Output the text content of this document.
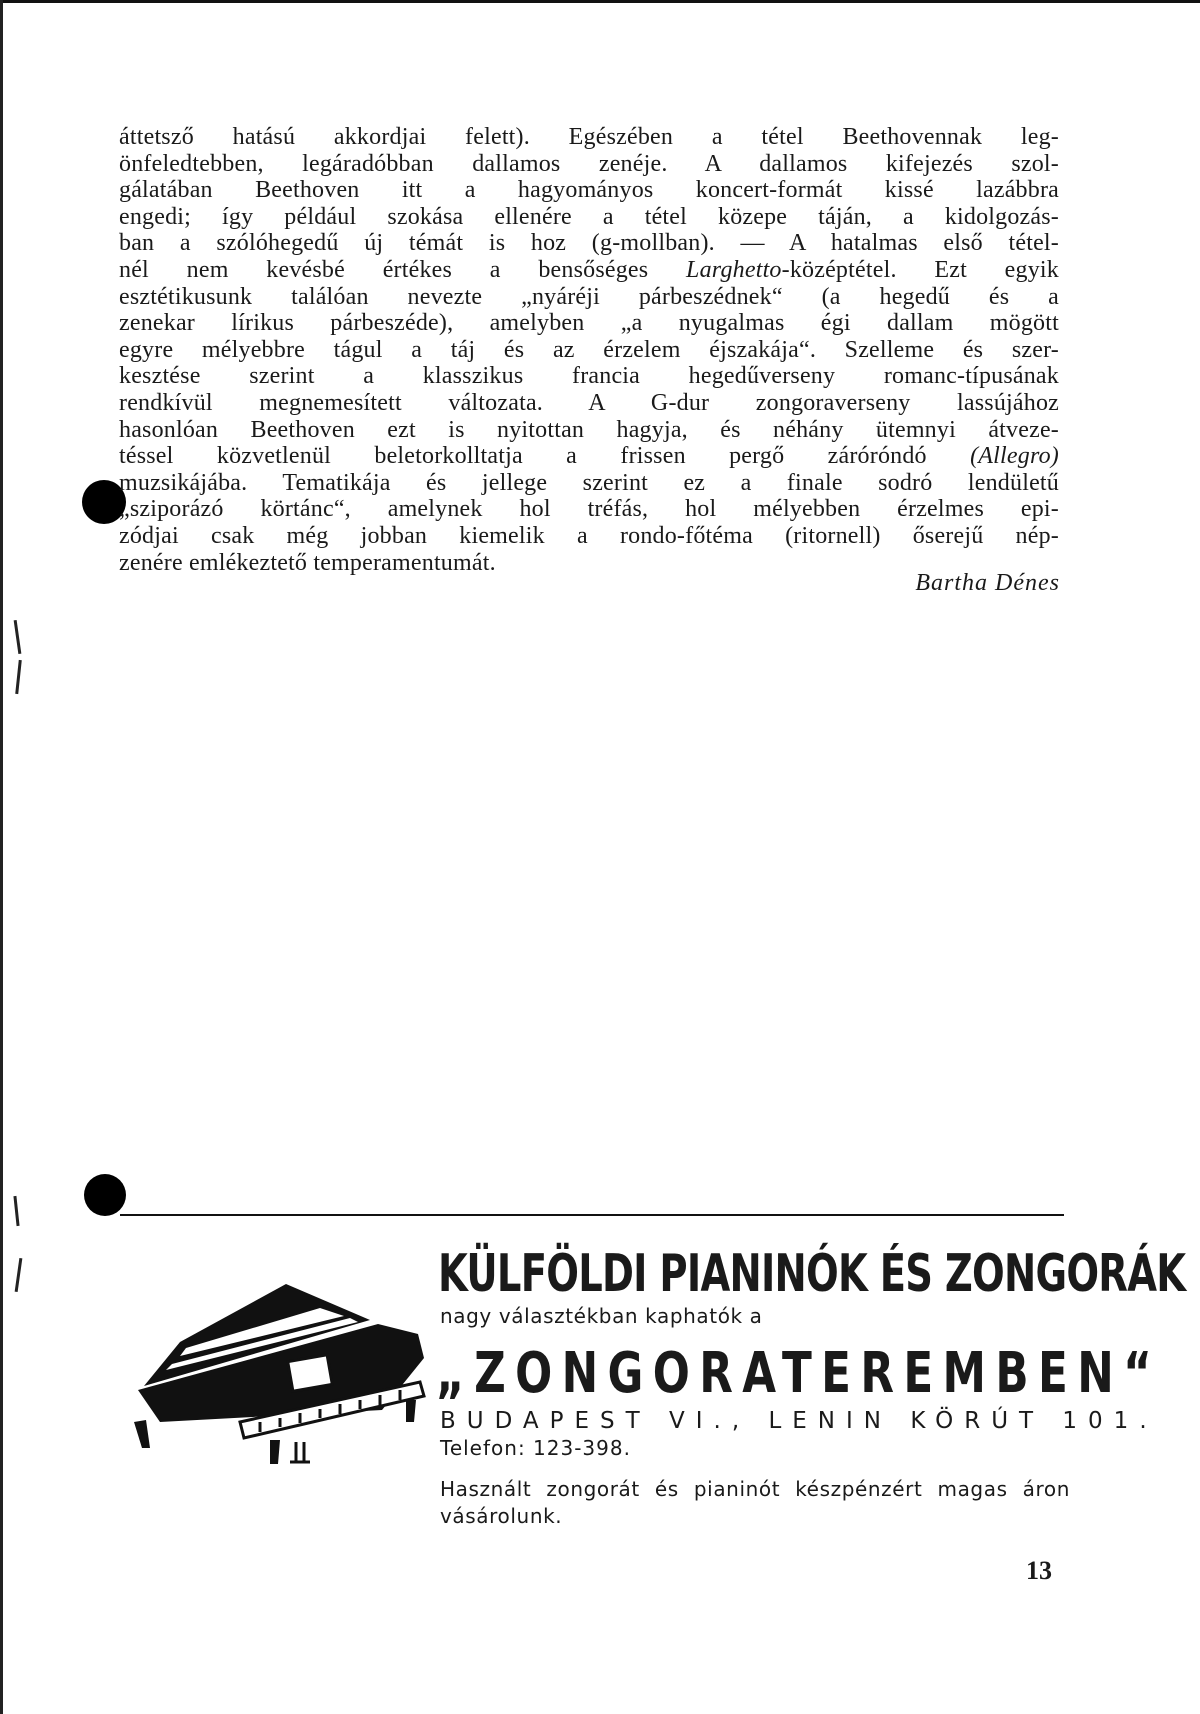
áttetsző hatású akkordjai felett). Egészében a tétel Beethovennak leg-
önfeledtebben, legáradóbban dallamos zenéje. A dallamos kifejezés szol-
gálatában Beethoven itt a hagyományos koncert-formát kissé lazábbra
engedi; így például szokása ellenére a tétel közepe táján, a kidolgozás-
ban a szólóhegedű új témát is hoz (g-mollban). — A hatalmas első tétel-
nél nem kevésbé értékes a bensőséges Larghetto-középtétel. Ezt egyik
esztétikusunk találóan nevezte „nyáréji párbeszédnek“ (a hegedű és a
zenekar lírikus párbeszéde), amelyben „a nyugalmas égi dallam mögött
egyre mélyebbre tágul a táj és az érzelem éjszakája“. Szelleme és szer-
kesztése szerint a klasszikus francia hegedűverseny romanc-típusának
rendkívül megnemesített változata. A G-dur zongoraverseny lassújához
hasonlóan Beethoven ezt is nyitottan hagyja, és néhány ütemnyi átveze-
téssel közvetlenül beletorkolltatja a frissen pergő záróróndó (Allegro)
muzsikájába. Tematikája és jellege szerint ez a finale sodró lendületű
„sziporázó körtánc“, amelynek hol tréfás, hol mélyebben érzelmes epi-
zódjai csak még jobban kiemelik a rondo-főtéma (ritornell) őserejű nép-
zenére emlékeztető temperamentumát.
Bartha Dénes
KÜLFÖLDI PIANINÓK ÉS ZONGORÁK
nagy választékban kaphatók a
„ZONGORATEREMBEN“
BUDAPEST VI., LENIN KÖRÚT 101.
Telefon: 123-398.
Használt zongorát és pianinót készpénzért magas áron vásárolunk.
13
